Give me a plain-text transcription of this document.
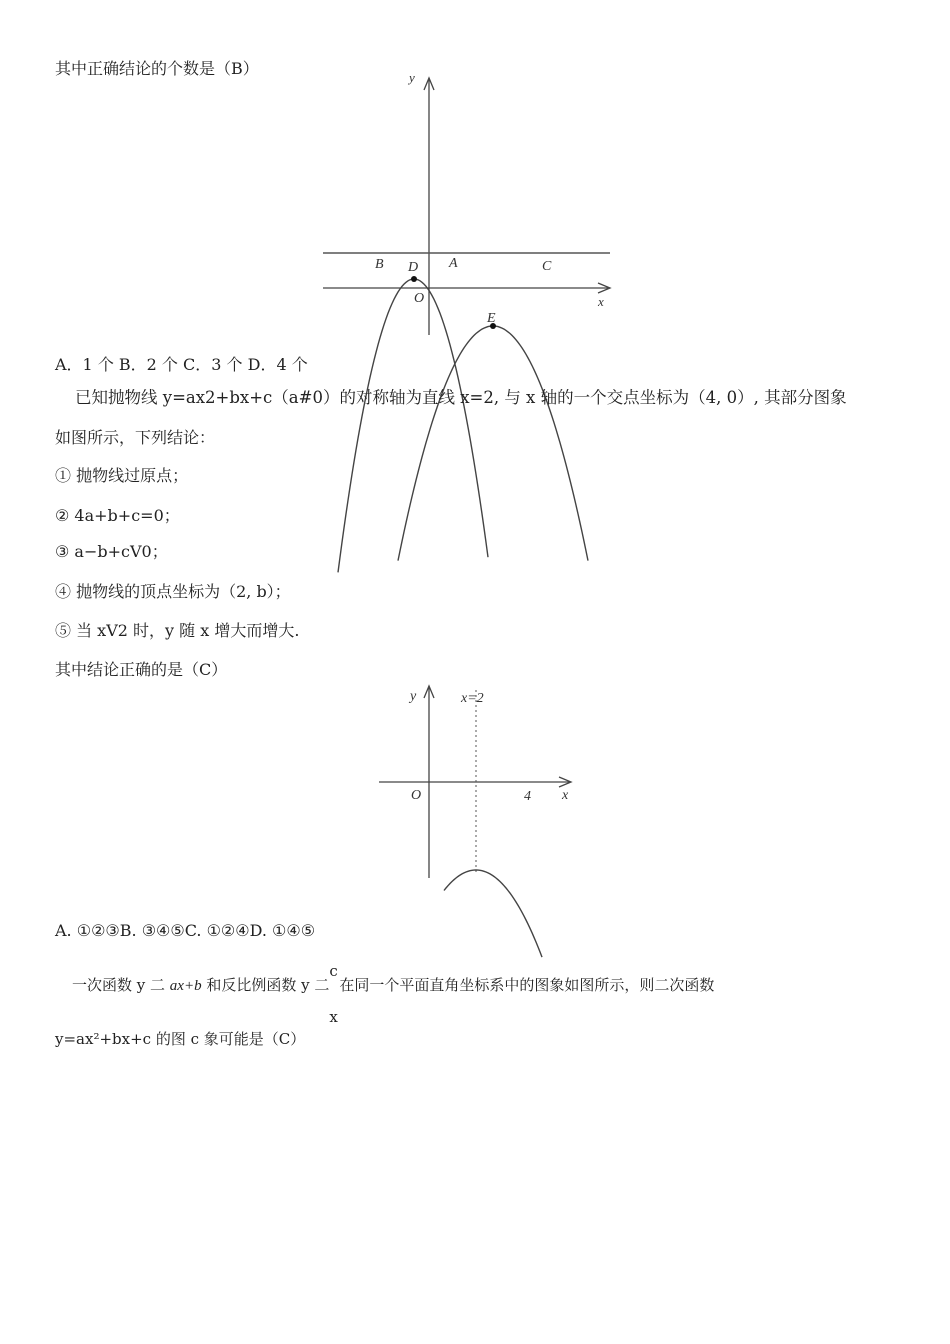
其中正确结论的个数是（B）	y
x
B D A	C
O
E
A．1 个 B．2 个 C．3 个 D．4 个
已知抛物线 y=ax2+bx+c（a#0）的对称轴为直线 x=2, 与 x 轴的一个交点坐标为（4, 0）, 其部分图象
如图所示，下列结论：
① 抛物线过原点；
② 4a+b+c=0；
③ a−b+cV0；
④ 抛物线的顶点坐标为（2, b）；
⑤ 当 xV2 时，y 随 x 增大而增大.
其中结论正确的是（C）
y	x=2
O	4 x
A. ①②③B. ③④⑤C. ①②④D. ①④⑤
一次函数 y 二 ax+b 和反比例函数 y 二
c
x
在同一个平面直角坐标系中的图象如图所示，则二次函数
y=ax²+bx+c 的图 c 象可能是（C）
